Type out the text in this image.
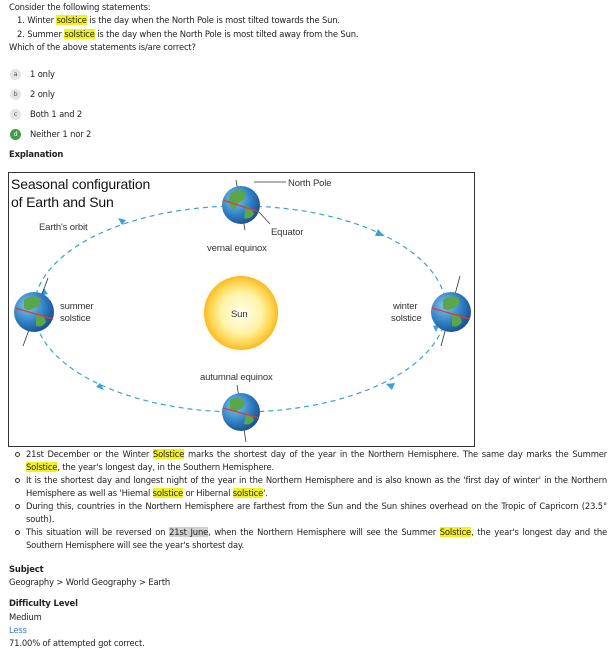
Consider the following statements:
1. Winter solstice is the day when the North Pole is most tilted towards the Sun.
2. Summer solstice is the day when the North Pole is most tilted away from the Sun.
Which of the above statements is/are correct?
a	1 only
b	2 only
c	Both 1 and 2
d	Neither 1 nor 2
Explanation
Seasonal configuration
of Earth and Sun
Earth's orbit
North Pole
Equator
vernal equinox
autumnal equinox
Sun
summer
solstice
winter
solstice
21st December or the Winter Solstice marks the shortest day of the year in the Northern Hemisphere. The same day marks the Summer Solstice, the year's longest day, in the Southern Hemisphere.
It is the shortest day and longest night of the year in the Northern Hemisphere and is also known as the 'first day of winter' in the Northern Hemisphere as well as 'Hiemal solstice or Hibernal solstice'.
During this, countries in the Northern Hemisphere are farthest from the Sun and the Sun shines overhead on the Tropic of Capricorn (23.5° south).
This situation will be reversed on 21st June, when the Northern Hemisphere will see the Summer Solstice, the year's longest day and the Southern Hemisphere will see the year's shortest day.
Subject
Geography > World Geography > Earth
Difficulty Level
Medium
Less
71.00% of attempted got correct.
